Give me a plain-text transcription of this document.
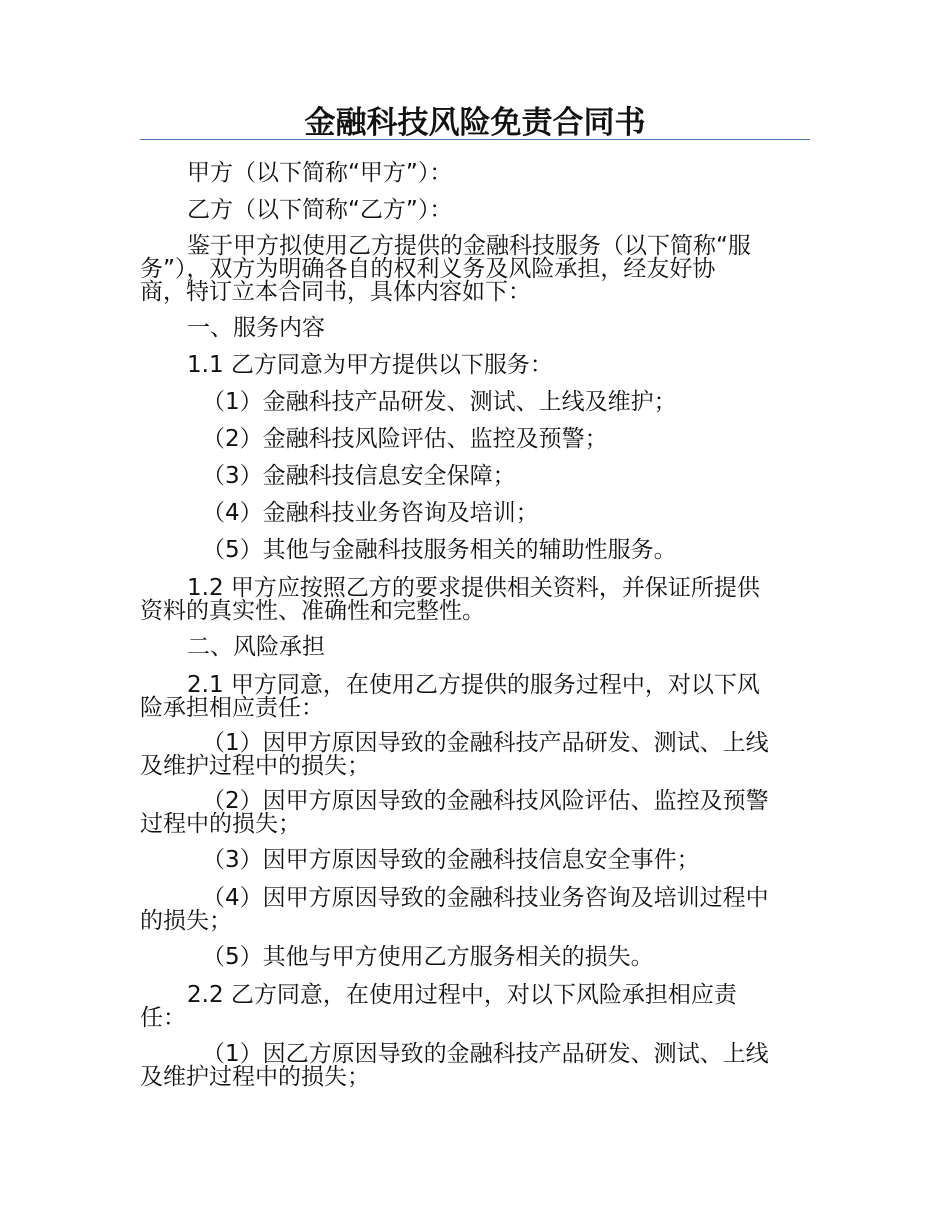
金融科技风险免责合同书
甲方（以下简称“甲方”）：
乙方（以下简称“乙方”）：
鉴于甲方拟使用乙方提供的金融科技服务（以下简称“服
务”），双方为明确各自的权利义务及风险承担，经友好协
商，特订立本合同书，具体内容如下：
一、服务内容
1.1 乙方同意为甲方提供以下服务：
（1）金融科技产品研发、测试、上线及维护；
（2）金融科技风险评估、监控及预警；
（3）金融科技信息安全保障；
（4）金融科技业务咨询及培训；
（5）其他与金融科技服务相关的辅助性服务。
1.2 甲方应按照乙方的要求提供相关资料，并保证所提供
资料的真实性、准确性和完整性。
二、风险承担
2.1 甲方同意，在使用乙方提供的服务过程中，对以下风
险承担相应责任：
（1）因甲方原因导致的金融科技产品研发、测试、上线
及维护过程中的损失；
（2）因甲方原因导致的金融科技风险评估、监控及预警
过程中的损失；
（3）因甲方原因导致的金融科技信息安全事件；
（4）因甲方原因导致的金融科技业务咨询及培训过程中
的损失；
（5）其他与甲方使用乙方服务相关的损失。
2.2 乙方同意，在使用过程中，对以下风险承担相应责
任：
（1）因乙方原因导致的金融科技产品研发、测试、上线
及维护过程中的损失；
